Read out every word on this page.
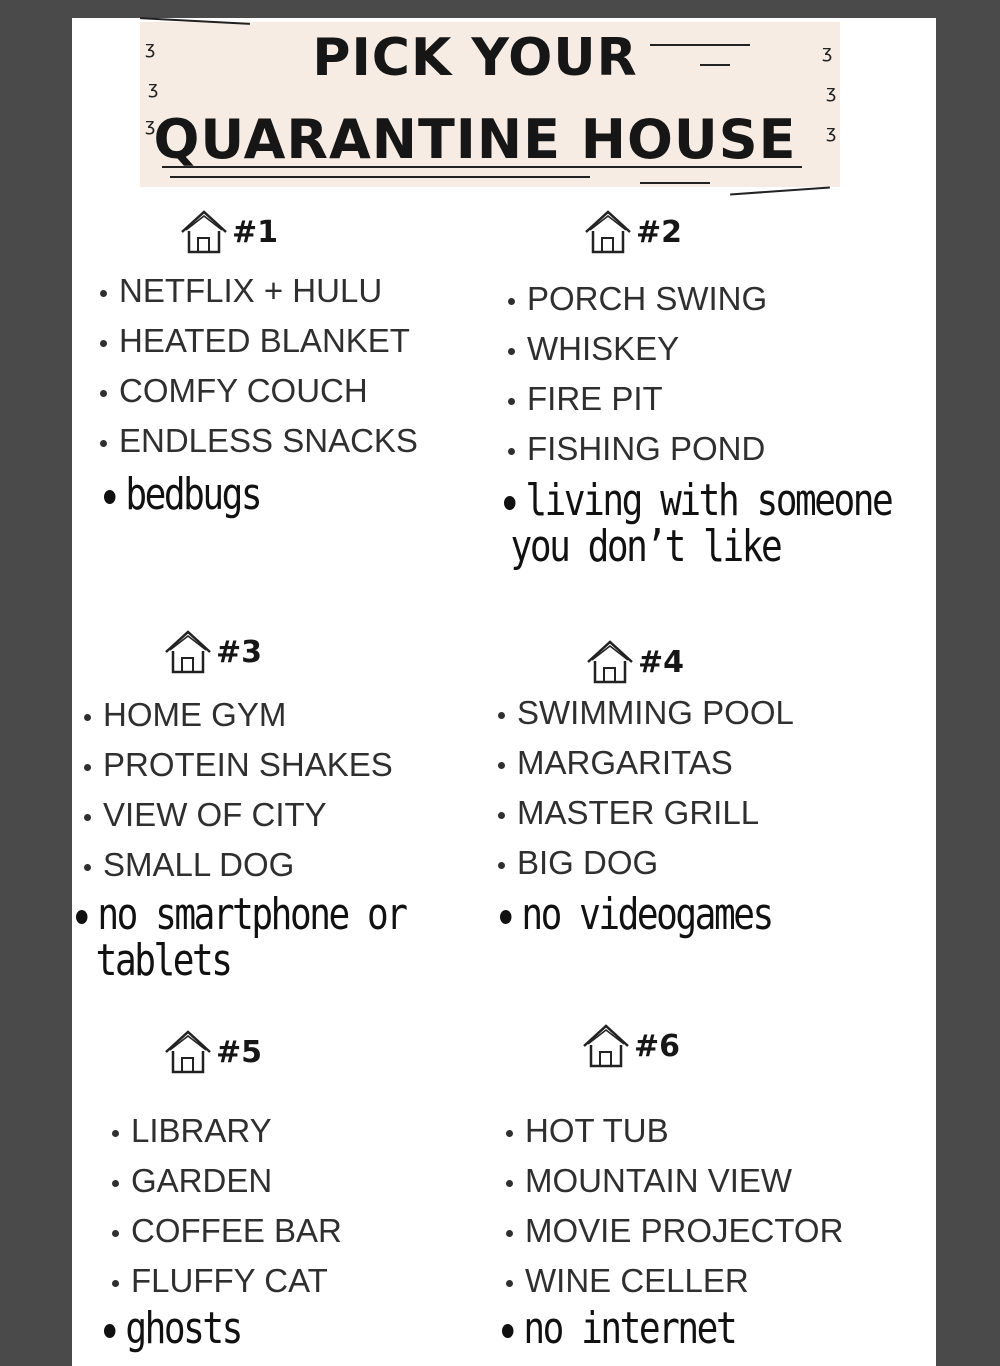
ʒ
ʒ
ʒ
ʒ
ʒ
ʒ
PICK YOUR
QUARANTINE HOUSE
#1
NETFLIX + HULU
HEATED BLANKET
COMFY COUCH
ENDLESS SNACKS
bedbugs
#2
PORCH SWING
WHISKEY
FIRE PIT
FISHING POND
living with someone
you don’t like
#3
HOME GYM
PROTEIN SHAKES
VIEW OF CITY
SMALL DOG
no smartphone or
tablets
#4
SWIMMING POOL
MARGARITAS
MASTER GRILL
BIG DOG
no videogames
#5
LIBRARY
GARDEN
COFFEE BAR
FLUFFY CAT
ghosts
#6
HOT TUB
MOUNTAIN VIEW
MOVIE PROJECTOR
WINE CELLER
no internet
